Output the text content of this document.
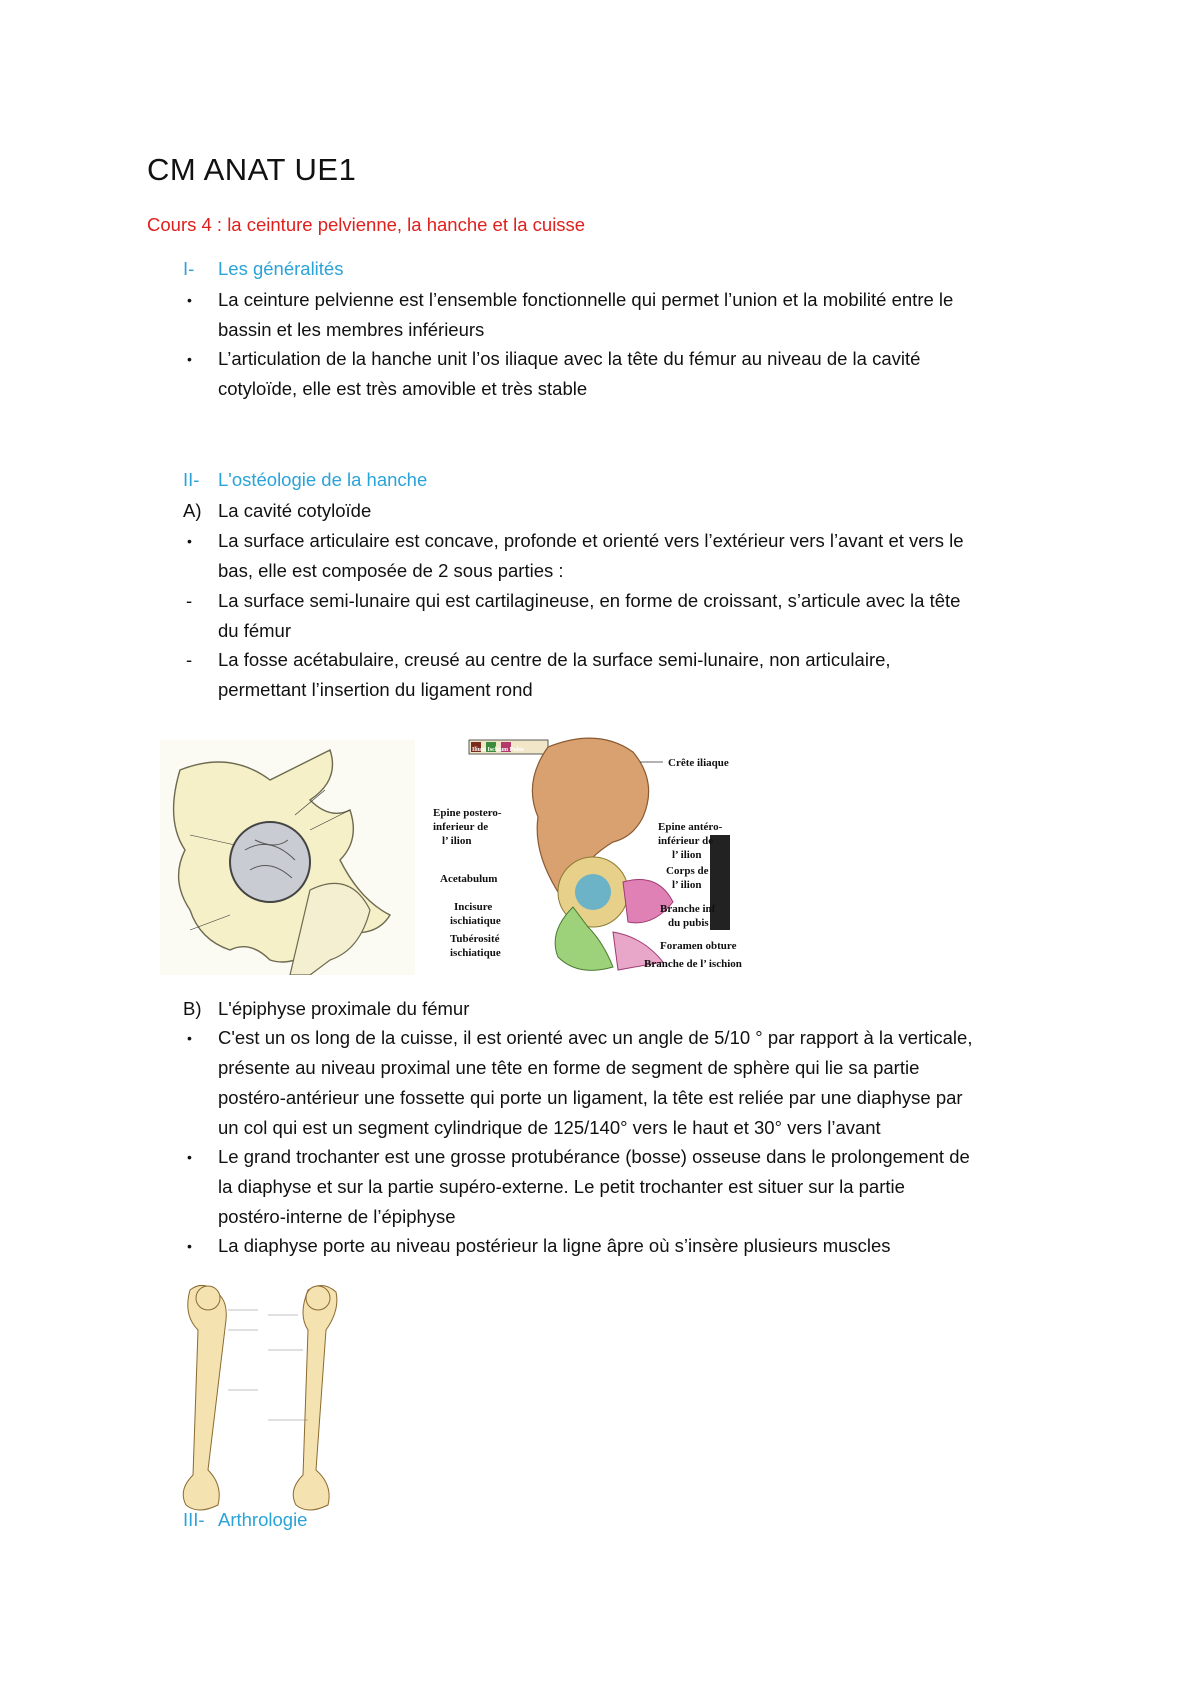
CM ANAT UE1
Cours 4 : la ceinture pelvienne, la hanche et la cuisse
I- Les généralités
• La ceinture pelvienne est l’ensemble fonctionnelle qui permet l’union et la mobilité entre le
bassin et les membres inférieurs
• L’articulation de la hanche unit l’os iliaque avec la tête du fémur au niveau de la cavité
cotyloïde, elle est très amovible et très stable
II- L'ostéologie de la hanche
A) La cavité cotyloïde
• La surface articulaire est concave, profonde et orienté vers l’extérieur vers l’avant et vers le
bas, elle est composée de 2 sous parties :
- La surface semi-lunaire qui est cartilagineuse, en forme de croissant, s’articule avec la tête
du fémur
- La fosse acétabulaire, creusé au centre de la surface semi-lunaire, non articulaire,
permettant l’insertion du ligament rond
Ilium Ischium Pubis
Crête iliaque
Epine postero-
inferieur de
l’ ilion
Acetabulum
Incisure
ischiatique
Tubérosité
ischiatique
Epine antéro-
inférieur de
l’ ilion
Corps de
l’ ilion
Branche inf
du pubis
Foramen obture
Branche de l’ ischion
B) L'épiphyse proximale du fémur
• C'est un os long de la cuisse, il est orienté avec un angle de 5/10 ° par rapport à la verticale,
présente au niveau proximal une tête en forme de segment de sphère qui lie sa partie
postéro-antérieur une fossette qui porte un ligament, la tête est reliée par une diaphyse par
un col qui est un segment cylindrique de 125/140° vers le haut et 30° vers l’avant
• Le grand trochanter est une grosse protubérance (bosse) osseuse dans le prolongement de
la diaphyse et sur la partie supéro-externe. Le petit trochanter est situer sur la partie
postéro-interne de l’épiphyse
• La diaphyse porte au niveau postérieur la ligne âpre où s’insère plusieurs muscles
III- Arthrologie
